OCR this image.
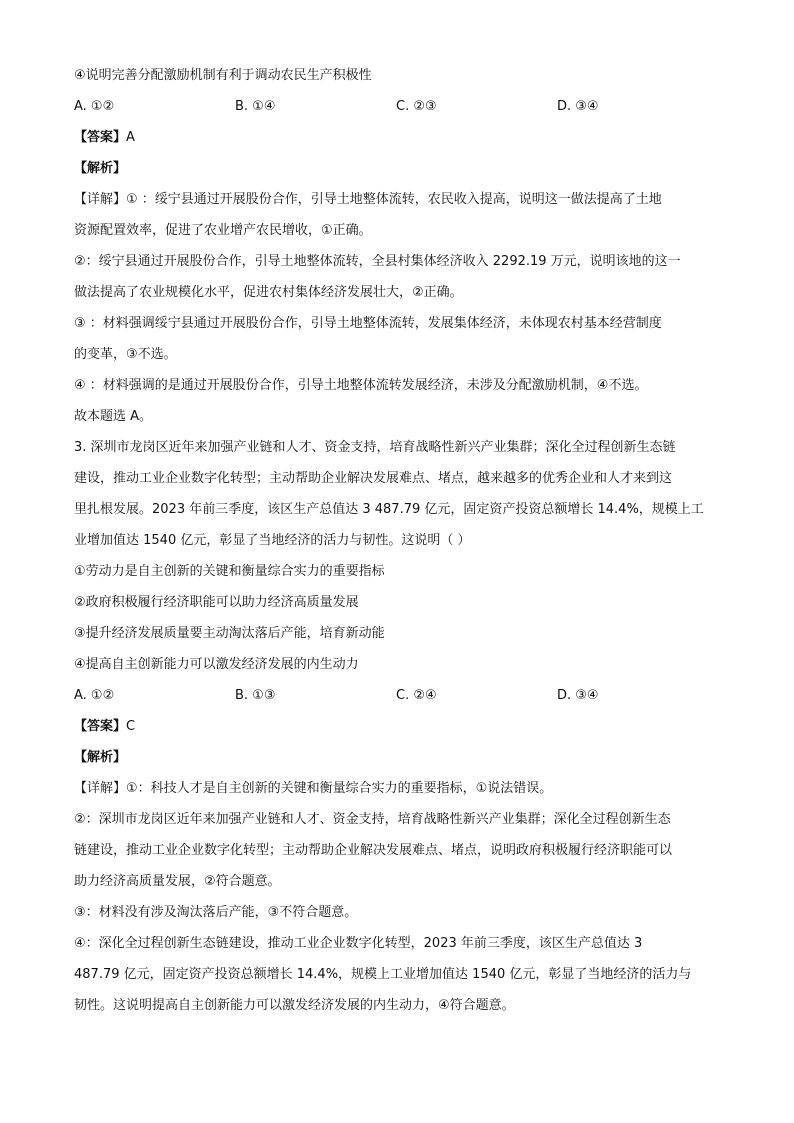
④说明完善分配激励机制有利于调动农民生产积极性
A. ①②	B. ①④	C. ②③	D. ③④
【答案】A
【解析】
【详解】① ：绥宁县通过开展股份合作，引导土地整体流转，农民收入提高，说明这一做法提高了土地
资源配置效率，促进了农业增产农民增收，①正确。
②：绥宁县通过开展股份合作，引导土地整体流转，全县村集体经济收入 2292.19 万元，说明该地的这一
做法提高了农业规模化水平，促进农村集体经济发展壮大，②正确。
③ ：材料强调绥宁县通过开展股份合作，引导土地整体流转，发展集体经济，未体现农村基本经营制度
的变革，③不选。
④ ：材料强调的是通过开展股份合作，引导土地整体流转发展经济，未涉及分配激励机制，④不选。
故本题选 A。
3. 深圳市龙岗区近年来加强产业链和人才、资金支持，培育战略性新兴产业集群；深化全过程创新生态链
建设，推动工业企业数字化转型；主动帮助企业解决发展难点、堵点，越来越多的优秀企业和人才来到这
里扎根发展。2023 年前三季度，该区生产总值达 3 487.79 亿元，固定资产投资总额增长 14.4%，规模上工
业增加值达 1540 亿元，彰显了当地经济的活力与韧性。这说明（ ）
①劳动力是自主创新的关键和衡量综合实力的重要指标
②政府积极履行经济职能可以助力经济高质量发展
③提升经济发展质量要主动淘汰落后产能，培育新动能
④提高自主创新能力可以激发经济发展的内生动力
A. ①②	B. ①③	C. ②④	D. ③④
【答案】C
【解析】
【详解】①：科技人才是自主创新的关键和衡量综合实力的重要指标，①说法错误。
②：深圳市龙岗区近年来加强产业链和人才、资金支持，培育战略性新兴产业集群；深化全过程创新生态
链建设，推动工业企业数字化转型；主动帮助企业解决发展难点、堵点，说明政府积极履行经济职能可以
助力经济高质量发展，②符合题意。
③：材料没有涉及淘汰落后产能，③不符合题意。
④：深化全过程创新生态链建设，推动工业企业数字化转型，2023 年前三季度，该区生产总值达 3
487.79 亿元，固定资产投资总额增长 14.4%，规模上工业增加值达 1540 亿元，彰显了当地经济的活力与
韧性。这说明提高自主创新能力可以激发经济发展的内生动力，④符合题意。
